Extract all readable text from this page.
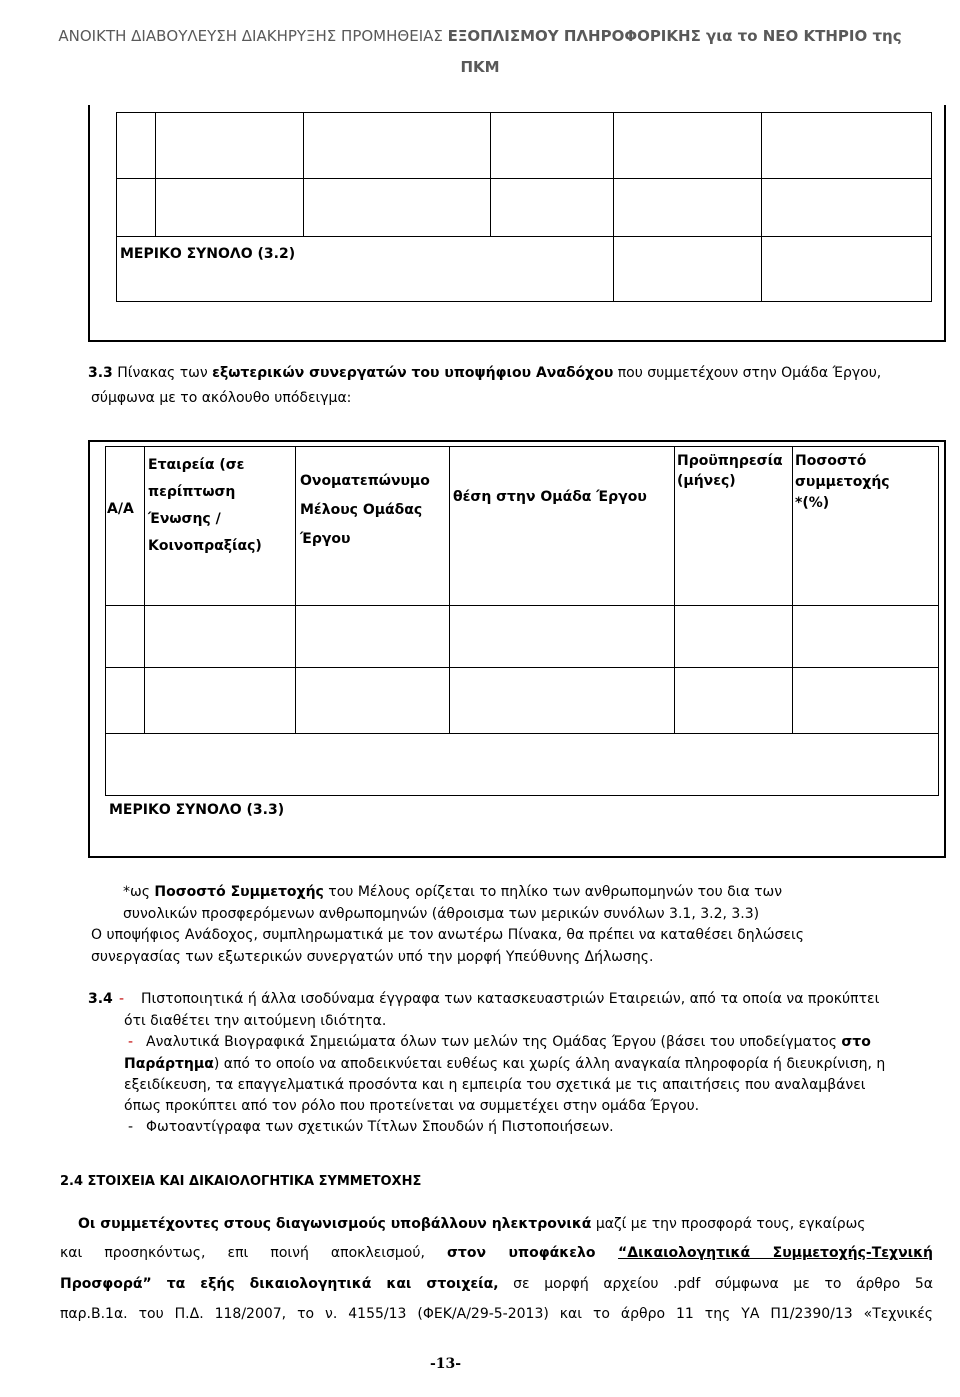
ΑΝΟΙΚΤΗ ΔΙΑΒΟΥΛΕΥΣΗ ΔΙΑΚΗΡΥΞΗΣ ΠΡΟΜΗΘΕΙΑΣ ΕΞΟΠΛΙΣΜΟΥ ΠΛΗΡΟΦΟΡΙΚΗΣ για το ΝΕΟ ΚΤΗΡΙΟ της
ΠΚΜ
ΜΕΡΙΚΟ ΣΥΝΟΛΟ (3.2)
3.3 Πίνακας των εξωτερικών συνεργατών του υποψήφιου Αναδόχου που συμμετέχουν στην Ομάδα Έργου,
σύμφωνα με το ακόλουθο υπόδειγμα:
Α/Α
Εταιρεία (σε
περίπτωση
Ένωσης /
Κοινοπραξίας)
Ονοματεπώνυμο
Μέλους Ομάδας
Έργου
θέση στην Ομάδα Έργου
Προϋπηρεσία
(μήνες)
Ποσοστό
συμμετοχής
*(%)
ΜΕΡΙΚΟ ΣΥΝΟΛΟ (3.3)
*ως Ποσοστό Συμμετοχής του Μέλους ορίζεται το πηλίκο των ανθρωπομηνών του δια των
συνολικών προσφερόμενων ανθρωπομηνών (άθροισμα των μερικών συνόλων 3.1, 3.2, 3.3)
Ο υποψήφιος Ανάδοχος, συμπληρωματικά με τον ανωτέρω Πίνακα, θα πρέπει να καταθέσει δηλώσεις
συνεργασίας των εξωτερικών συνεργατών υπό την μορφή Υπεύθυνης Δήλωσης.
3.4 - Πιστοποιητικά ή άλλα ισοδύναμα έγγραφα των κατασκευαστριών Εταιρειών, από τα οποία να προκύπτει
ότι διαθέτει την αιτούμενη ιδιότητα.
- Αναλυτικά Βιογραφικά Σημειώματα όλων των μελών της Ομάδας Έργου (βάσει του υποδείγματος στο
Παράρτημα) από το οποίο να αποδεικνύεται ευθέως και χωρίς άλλη αναγκαία πληροφορία ή διευκρίνιση, η
εξειδίκευση, τα επαγγελματικά προσόντα και η εμπειρία του σχετικά με τις απαιτήσεις που αναλαμβάνει
όπως προκύπτει από τον ρόλο που προτείνεται να συμμετέχει στην ομάδα Έργου.
- Φωτοαντίγραφα των σχετικών Τίτλων Σπουδών ή Πιστοποιήσεων.
2.4 ΣΤΟΙΧΕΙΑ ΚΑΙ ΔΙΚΑΙΟΛΟΓΗΤΙΚΑ ΣΥΜΜΕΤΟΧΗΣ
Οι συμμετέχοντες στους διαγωνισμούς υποβάλλουν ηλεκτρονικά μαζί με την προσφορά τους, εγκαίρως
και προσηκόντως, επι ποινή αποκλεισμού, στον υποφάκελο “Δικαιολογητικά Συμμετοχής-Τεχνική
Προσφορά” τα εξής δικαιολογητικά και στοιχεία, σε μορφή αρχείου .pdf σύμφωνα με το άρθρο 5α
παρ.Β.1α. του Π.Δ. 118/2007, το ν. 4155/13 (ΦΕΚ/Α/29-5-2013) και το άρθρο 11 της ΥΑ Π1/2390/13 «Τεχνικές
-13-
